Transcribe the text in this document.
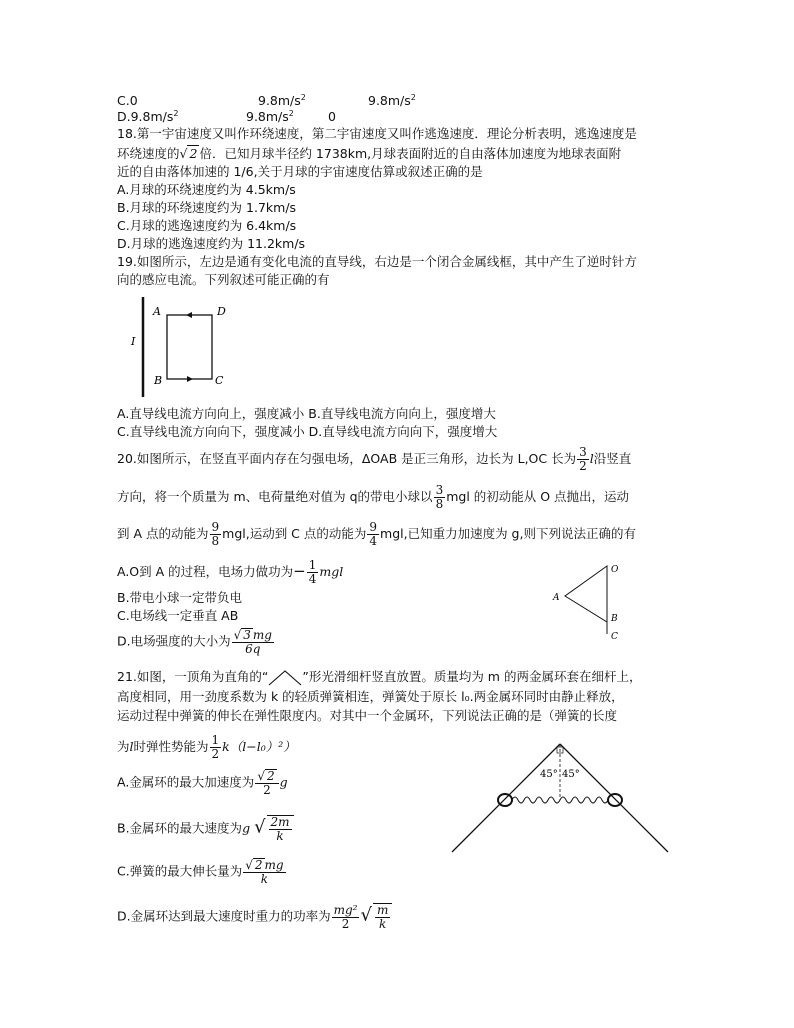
C.0	$9.8m/s^2$	$9.8m/s^2$
$D.9.8m/s^2$	$9.8m/s^2$	0
18.第一宇宙速度又叫作环绕速度，第二宇宙速度又叫作逃逸速度．理论分析表明，逃逸速度是
环绕速度的√ 2 倍．已知月球半径约 1738km,月球表面附近的自由落体加速度为地球表面附
近的自由落体加速的 1/6,关于月球的宇宙速度估算或叙述正确的是
A.月球的环绕速度约为 4.5km/s
B.月球的环绕速度约为 1.7km/s
C.月球的逃逸速度约为 6.4km/s
D.月球的逃逸速度约为 11.2km/s
19.如图所示，左边是通有变化电流的直导线，右边是一个闭合金属线框，其中产生了逆时针方
向的感应电流。下列叙述可能正确的有
I
A	D
B	C
A.直导线电流方向向上，强度减小 B.直导线电流方向向上，强度增大
C.直导线电流方向向下，强度减小 D.直导线电流方向向下，强度增大
20.如图所示，在竖直平面内存在匀强电场，ΔOAB 是正三角形，边长为 L,OC 长为 $\frac{3}{2}$ l沿竖直
方向，将一个质量为 m、电荷量绝对值为 q的带电小球以 $\frac{3}{8}$ mgl 的初动能从 O 点抛出，运动
到 A 点的动能为 $\frac{9}{8}$ mgl,运动到 C 点的动能为 $\frac{9}{4}$ mgl,已知重力加速度为 g,则下列说法正确的有
A.O到 A 的过程，电场力做功为− $\frac{1}{4}$ mgl
B.带电小球一定带负电
C.电场线一定垂直 AB
D.电场强度的大小为 $\frac{√ 3 mg}{6q}$
O
A
B
C
21.如图，一顶角为直角的“	”形光滑细杆竖直放置。质量均为 m 的两金属环套在细杆上，
高度相同，用一劲度系数为 k 的轻质弹簧相连，弹簧处于原长 l₀.两金属环同时由静止释放，
运动过程中弹簧的伸长在弹性限度内。对其中一个金属环，下列说法正确的是（弹簧的长度
为l时弹性势能为 $\frac{1}{2} k(l-l_0)^2$）
A.金属环的最大加速度为 $\frac{√ 2}{2}$ g
B.金属环的最大速度为g √ $\frac{2m}{k}$
C.弹簧的最大伸长量为 $\frac{√ 2 mg}{k}$
D.金属环达到最大速度时重力的功率为 $\frac{\text{mg²}}{2}$ √ $\frac{m}{k}$
45° 45°
